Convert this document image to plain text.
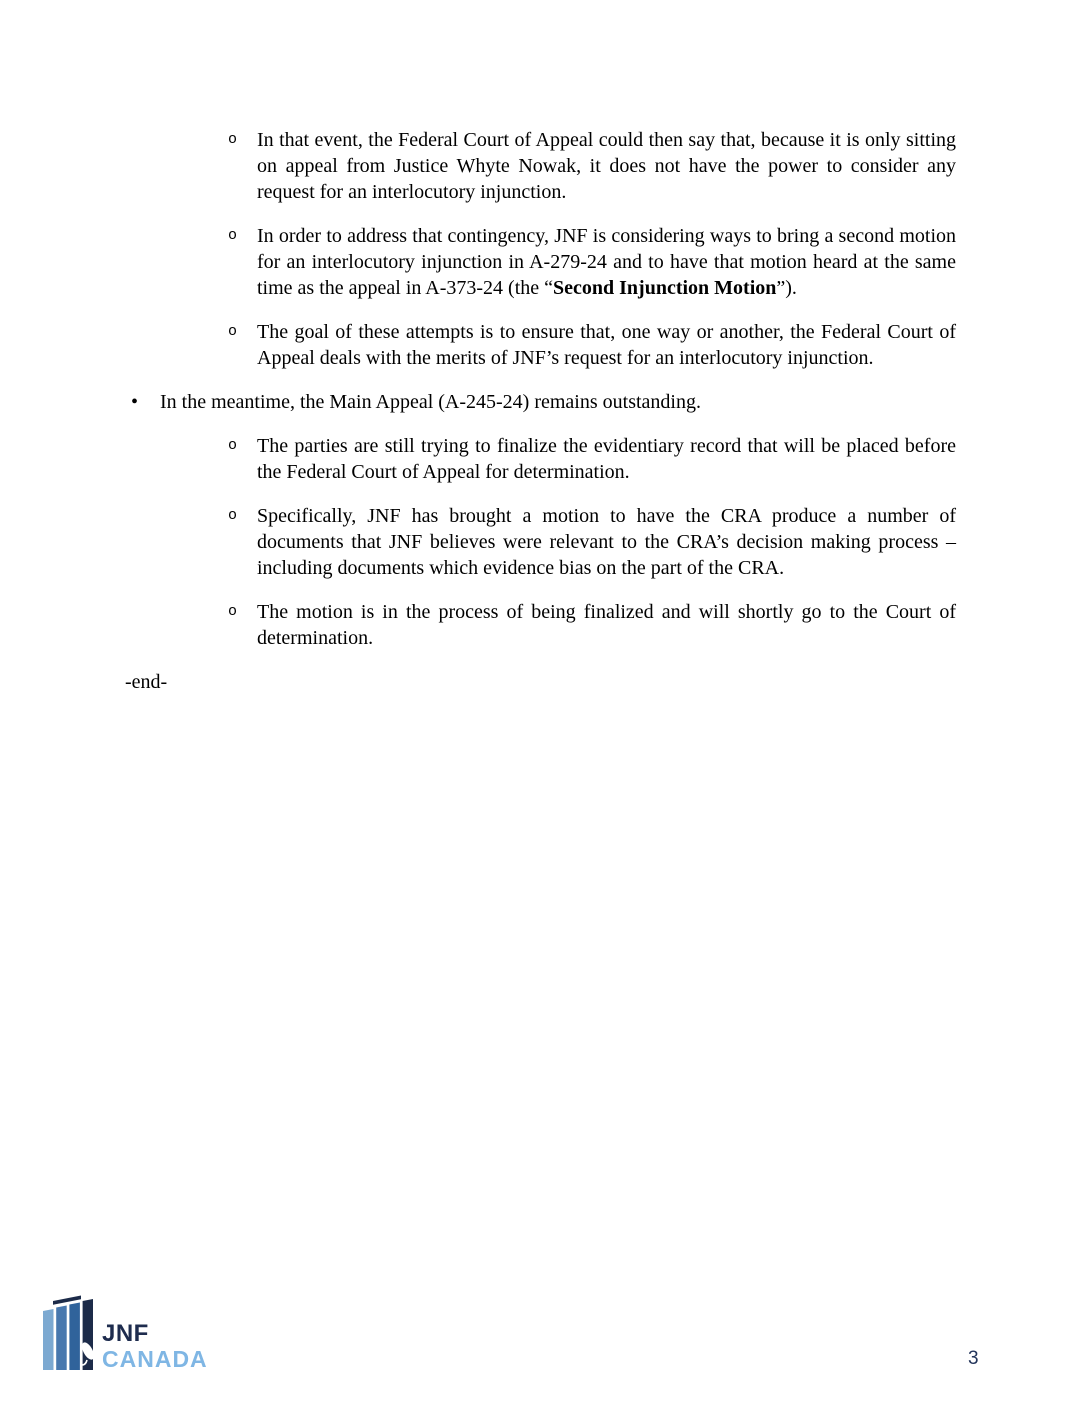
o In that event, the Federal Court of Appeal could then say that, because it is only sitting on appeal from Justice Whyte Nowak, it does not have the power to consider any request for an interlocutory injunction.
o In order to address that contingency, JNF is considering ways to bring a second motion for an interlocutory injunction in A-279-24 and to have that motion heard at the same time as the appeal in A-373-24 (the “Second Injunction Motion”).
o The goal of these attempts is to ensure that, one way or another, the Federal Court of Appeal deals with the merits of JNF’s request for an interlocutory injunction.
•	In the meantime, the Main Appeal (A-245-24) remains outstanding.
o The parties are still trying to finalize the evidentiary record that will be placed before the Federal Court of Appeal for determination.
o Specifically, JNF has brought a motion to have the CRA produce a number of documents that JNF believes were relevant to the CRA’s decision making process – including documents which evidence bias on the part of the CRA.
o The motion is in the process of being finalized and will shortly go to the Court of determination.
-end-
JNF
CANADA	3
